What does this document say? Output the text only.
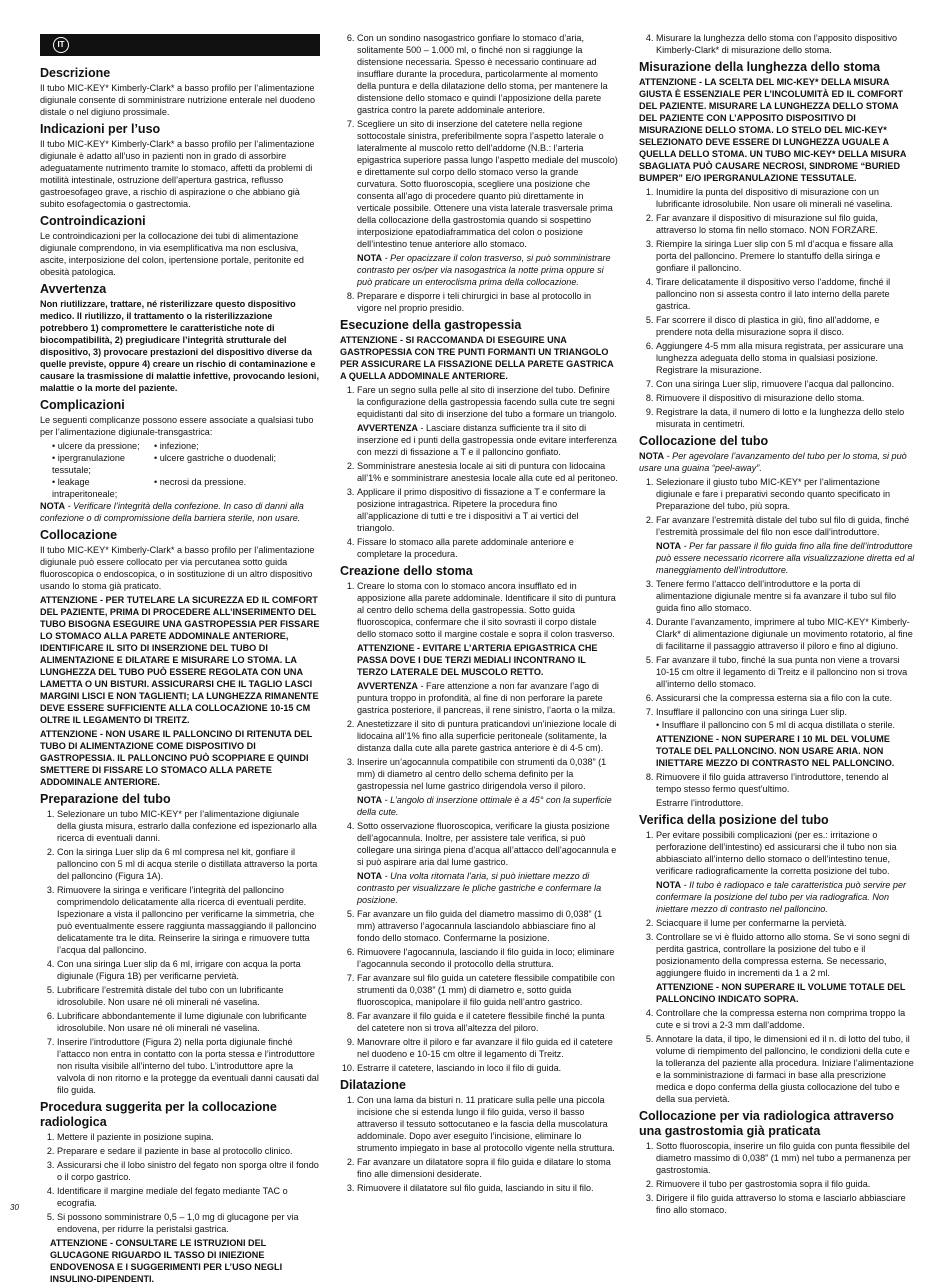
IT
Descrizione

Il tubo MIC-KEY* Kimberly-Clark* a basso profilo per l’alimentazione digiunale consente di somministrare nutrizione enterale nel duodeno distale o nel digiuno prossimale.

Indicazioni per l’uso

Il tubo MIC-KEY* Kimberly-Clark* a basso profilo per l’alimentazione digiunale è adatto all’uso in pazienti non in grado di assorbire adeguatamente nutrimento tramite lo stomaco, affetti da problemi di motilità intestinale, ostruzione dell’apertura gastrica, reflusso gastroesofageo grave, a rischio di aspirazione o che abbiano già subito esofagectomia o gastrectomia.

Controindicazioni

Le controindicazioni per la collocazione dei tubi di alimentazione digiunale comprendono, in via esemplificativa ma non esclusiva, ascite, interposizione del colon, ipertensione portale, peritonite ed obesità patologica.

Avvertenza

Non riutilizzare, trattare, né risterilizzare questo dispositivo medico. Il riutilizzo, il trattamento o la risterilizzazione potrebbero 1) compromettere le caratteristiche note di biocompatibilità, 2) pregiudicare l’integrità strutturale del dispositivo, 3) provocare prestazioni del dispositivo diverse da quelle previste, oppure 4) creare un rischio di contaminazione e causare la trasmissione di malattie infettive, provocando lesioni, malattie o la morte del paziente.

Complicazioni

Le seguenti complicanze possono essere associate a qualsiasi tubo per l’alimentazione digiunale-transgastrica:

• ulcere da pressione;
•	infezione;
• ipergranulazione tessutale;
• ulcere gastriche o duodenali;
• leakage intraperitoneale;
• necrosi da pressione.

NOTA - Verificare l’integrità della confezione. In caso di danni alla confezione o di compromissione della barriera sterile, non usare.

Collocazione

Il tubo MIC-KEY* Kimberly-Clark* a basso profilo per l’alimentazione digiunale può essere collocato per via percutanea sotto guida fluoroscopica o endoscopica, o in sostituzione di un altro dispositivo usando lo stoma già praticato.

ATTENZIONE - PER TUTELARE LA SICUREZZA ED IL COMFORT DEL PAZIENTE, PRIMA DI PROCEDERE ALL’INSERIMENTO DEL TUBO BISOGNA ESEGUIRE UNA GASTROPESSIA PER FISSARE LO STOMACO ALLA PARETE ADDOMINALE ANTERIORE, IDENTIFICARE IL SITO DI INSERZIONE DEL TUBO DI ALIMENTAZIONE E DILATARE E MISURARE LO STOMA. LA LUNGHEZZA DEL TUBO PUÒ ESSERE REGOLATA CON UNA LAMETTA O UN BISTURI. ASSICURARSI CHE IL TAGLIO LASCI MARGINI LISCI E NON TAGLIENTI; LA LUNGHEZZA RIMANENTE DEVE ESSERE SUFFICIENTE ALLA COLLOCAZIONE 10-15 CM OLTRE IL LEGAMENTO DI TREITZ.

ATTENZIONE - NON USARE IL PALLONCINO DI RITENUTA DEL TUBO DI ALIMENTAZIONE COME DISPOSITIVO DI GASTROPESSIA. IL PALLONCINO PUÒ SCOPPIARE E QUINDI SMETTERE DI FISSARE LO STOMACO ALLA PARETE ADDOMINALE ANTERIORE.

Preparazione del tubo
1. Selezionare un tubo MIC-KEY* per l’alimentazione digiunale della giusta misura, estrarlo dalla confezione ed ispezionarlo alla ricerca di eventuali danni.
2. Con la siringa Luer slip da 6 ml compresa nel kit, gonfiare il palloncino con 5 ml di acqua sterile o distillata attraverso la porta del palloncino (Figura 1A).
3. Rimuovere la siringa e verificare l’integrità del palloncino comprimendolo delicatamente alla ricerca di eventuali perdite. Ispezionare a vista il palloncino per verificarne la simmetria, che può eventualmente essere raggiunta massaggiando il palloncino delicatamente tra le dita. Reinserire la siringa e rimuovere tutta l’acqua dal palloncino.
4. Con una siringa Luer slip da 6 ml, irrigare con acqua la porta digiunale (Figura 1B) per verificarne pervietà.
5. Lubrificare l’estremità distale del tubo con un lubrificante idrosolubile. Non usare né oli minerali né vaselina.
6. Lubrificare abbondantemente il lume digiunale con lubrificante idrosolubile. Non usare né oli minerali né vaselina.
7. Inserire l’introduttore (Figura 2) nella porta digiunale finché l’attacco non entra in contatto con la porta stessa e l’introduttore non risulta visibile all’interno del tubo. L’introduttore apre la valvola di non ritorno e la protegge da eventuali danni causati dal filo guida.
Procedura suggerita per la collocazione radiologica
1. Mettere il paziente in posizione supina.
2. Preparare e sedare il paziente in base al protocollo clinico.
3. Assicurarsi che il lobo sinistro del fegato non sporga oltre il fondo o il corpo gastrico.
4. Identificare il margine mediale del fegato mediante TAC o ecografia.
5. Si possono somministrare 0,5 – 1,0 mg di glucagone per via endovena, per ridurre la peristalsi gastrica.

ATTENZIONE - CONSULTARE LE ISTRUZIONI DEL GLUCAGONE RIGUARDO IL TASSO DI INIEZIONE ENDOVENOSA E I SUGGERIMENTI PER L’USO NEGLI INSULINO-DIPENDENTI.

6. Con un sondino nasogastrico gonfiare lo stomaco d’aria, solitamente 500 – 1.000 ml, o finché non si raggiunge la distensione necessaria. Spesso è necessario continuare ad insufflare durante la procedura, particolarmente al momento della puntura e della dilatazione dello stoma, per mantenere la distensione dello stomaco e quindi l’apposizione della parete gastrica contro la parete addominale anteriore.
7. Scegliere un sito di inserzione del catetere nella regione sottocostale sinistra, preferibilmente sopra l’aspetto laterale o lateralmente al muscolo retto dell’addome (N.B.: l’arteria epigastrica superiore passa lungo l’aspetto mediale del muscolo) e direttamente sul corpo dello stomaco verso la grande curvatura. Sotto fluoroscopia, scegliere una posizione che consenta all’ago di procedere quanto più direttamente in verticale possibile. Ottenere una vista laterale trasversale prima della collocazione della gastrostomia quando si sospettino interposizione epatodiaframmatica del colon o posizione dell’intestino tenue anteriore allo stomaco.
NOTA - Per opacizzare il colon trasverso, si può somministrare contrasto per os/per via nasogastrica la notte prima oppure si può praticare un enteroclisma prima della collocazione.
8. Preparare e disporre i teli chirurgici in base al protocollo in vigore nel proprio presidio.
Esecuzione della gastropessia

ATTENZIONE - SI RACCOMANDA DI ESEGUIRE UNA GASTROPESSIA CON TRE PUNTI FORMANTI UN TRIANGOLO PER ASSICURARE LA FISSAZIONE DELLA PARETE GASTRICA A QUELLA ADDOMINALE ANTERIORE.

1. Fare un segno sulla pelle al sito di inserzione del tubo. Definire la configurazione della gastropessia facendo sulla cute tre segni equidistanti dal sito di inserzione del tubo a formare un triangolo.
AVVERTENZA - Lasciare distanza sufficiente tra il sito di inserzione ed i punti della gastropessia onde evitare interferenza con mezzi di fissazione a T e il palloncino gonfiato.
2. Somministrare anestesia locale ai siti di puntura con lidocaina all’1% e somministrare anestesia locale alla cute ed al peritoneo.
3. Applicare il primo dispositivo di fissazione a T e confermare la posizione intragastrica. Ripetere la procedura fino all’applicazione di tutti e tre i dispositivi a T ai vertici del triangolo.
4. Fissare lo stomaco alla parete addominale anteriore e completare la procedura.
Creazione dello stoma
1. Creare lo stoma con lo stomaco ancora insufflato ed in apposizione alla parete addominale. Identificare il sito di puntura al centro dello schema della gastropessia. Sotto guida fluoroscopica, confermare che il sito sovrasti il corpo distale dello stomaco sotto il margine costale e sopra il colon trasverso.
ATTENZIONE - EVITARE L’ARTERIA EPIGASTRICA CHE PASSA DOVE I DUE TERZI MEDIALI INCONTRANO IL TERZO LATERALE DEL MUSCOLO RETTO.
AVVERTENZA - Fare attenzione a non far avanzare l’ago di puntura troppo in profondità, al fine di non perforare la parete gastrica posteriore, il pancreas, il rene sinistro, l’aorta o la milza.
2. Anestetizzare il sito di puntura praticandovi un’iniezione locale di lidocaina all’1% fino alla superficie peritoneale (solitamente, la distanza dalla cute alla parete gastrica anteriore è di 4-5 cm).
3. Inserire un’agocannula compatibile con strumenti da 0,038” (1 mm) di diametro al centro dello schema definito per la gastropessia nel lume gastrico dirigendola verso il piloro.
NOTA - L’angolo di inserzione ottimale è a 45° con la superficie della cute.
4. Sotto osservazione fluoroscopica, verificare la giusta posizione dell’agocannula. Inoltre, per assistere tale verifica, si può collegare una siringa piena d’acqua all’attacco dell’agocannula e si può aspirare aria dal lume gastrico.
NOTA - Una volta ritornata l’aria, si può iniettare mezzo di contrasto per visualizzare le pliche gastriche e confermare la posizione.
5. Far avanzare un filo guida del diametro massimo di 0,038” (1 mm) attraverso l’agocannula lasciandolo abbiasciare fino al fondo dello stomaco. Confermarne la posizione.
6. Rimuovere l’agocannula, lasciando il filo guida in loco; eliminare l’agocannula secondo il protocollo della struttura.
7. Far avanzare sul filo guida un catetere flessibile compatibile con strumenti da 0,038” (1 mm) di diametro e, sotto guida fluoroscopica, manipolare il filo guida nell’antro gastrico.
8. Far avanzare il filo guida e il catetere flessibile finché la punta del catetere non si trova all’altezza del piloro.
9. Manovrare oltre il piloro e far avanzare il filo guida ed il catetere nel duodeno e 10-15 cm oltre il legamento di Treitz.
10. Estrarre il catetere, lasciando in loco il filo di guida.
Dilatazione
1. Con una lama da bisturi n. 11 praticare sulla pelle una piccola incisione che si estenda lungo il filo guida, verso il basso attraverso il tessuto sottocutaneo e la fascia della muscolatura addominale. Dopo aver eseguito l’incisione, eliminare lo strumento impiegato in base al protocollo vigente nella struttura.
2. Far avanzare un dilatatore sopra il filo guida e dilatare lo stoma fino alle dimensioni desiderate.
3. Rimuovere il dilatatore sul filo guida, lasciando in situ il filo.
4. Misurare la lunghezza dello stoma con l’apposito dispositivo Kimberly-Clark* di misurazione dello stoma.
Misurazione della lunghezza dello stoma

ATTENZIONE - LA SCELTA DEL MIC-KEY* DELLA MISURA GIUSTA È ESSENZIALE PER L’INCOLUMITÀ ED IL COMFORT DEL PAZIENTE. MISURARE LA LUNGHEZZA DELLO STOMA DEL PAZIENTE CON L’APPOSITO DISPOSITIVO DI MISURAZIONE DELLO STOMA. LO STELO DEL MIC-KEY* SELEZIONATO DEVE ESSERE DI LUNGHEZZA UGUALE A QUELLA DELLO STOMA. UN TUBO MIC-KEY* DELLA MISURA SBAGLIATA PUÒ CAUSARE NECROSI, SINDROME “BURIED BUMPER” E/O IPERGRANULAZIONE TESSUTALE.

1. Inumidire la punta del dispositivo di misurazione con un lubrificante idrosolubile. Non usare oli minerali né vaselina.
2. Far avanzare il dispositivo di misurazione sul filo guida, attraverso lo stoma fin nello stomaco. NON FORZARE.
3. Riempire la siringa Luer slip con 5 ml d’acqua e fissare alla porta del palloncino. Premere lo stantuffo della siringa e gonfiare il palloncino.
4. Tirare delicatamente il dispositivo verso l’addome, finché il palloncino non si assesta contro il lato interno della parete gastrica.
5. Far scorrere il disco di plastica in giù, fino all’addome, e prendere nota della misurazione sopra il disco.
6. Aggiungere 4-5 mm alla misura registrata, per assicurare una lunghezza adeguata dello stoma in qualsiasi posizione. Registrare la misurazione.
7. Con una siringa Luer slip, rimuovere l’acqua dal palloncino.
8. Rimuovere il dispositivo di misurazione dello stoma.
9. Registrare la data, il numero di lotto e la lunghezza dello stelo misurata in centimetri.
Collocazione del tubo

NOTA - Per agevolare l’avanzamento del tubo per lo stoma, si può usare una guaina “peel-away”.

1. Selezionare il giusto tubo MIC-KEY* per l’alimentazione digiunale e fare i preparativi secondo quanto specificato in Preparazione del tubo, più sopra.
2. Far avanzare l’estremità distale del tubo sul filo di guida, finché l’estremità prossimale del filo non esce dall’introduttore.
NOTA - Per far passare il filo guida fino alla fine dell’introduttore può essere necessario ricorrere alla visualizzazione diretta ed al maneggiamento dell’introduttore.
3. Tenere fermo l’attacco dell’introduttore e la porta di alimentazione digiunale mentre si fa avanzare il tubo sul filo guida fino allo stomaco.
4. Durante l’avanzamento, imprimere al tubo MIC-KEY* Kimberly-Clark* di alimentazione digiunale un movimento rotatorio, al fine di facilitarne il passaggio attraverso il piloro e fino al digiuno.
5. Far avanzare il tubo, finché la sua punta non viene a trovarsi 10-15 cm oltre il legamento di Treitz e il palloncino non si trova all’interno dello stomaco.
6. Assicurarsi che la compressa esterna sia a filo con la cute.
7. Insufflare il palloncino con una siringa Luer slip.
• Insufflare il palloncino con 5 ml di acqua distillata o sterile.
ATTENZIONE - NON SUPERARE I 10 ML DEL VOLUME TOTALE DEL PALLONCINO. NON USARE ARIA. NON INIETTARE MEZZO DI CONTRASTO NEL PALLONCINO.
8. Rimuovere il filo guida attraverso l’introduttore, tenendo al tempo stesso fermo quest’ultimo.
Estrarre l’introduttore.
Verifica della posizione del tubo
1. Per evitare possibili complicazioni (per es.: irritazione o perforazione dell’intestino) ed assicurarsi che il tubo non sia abbiasciato all’interno dello stomaco o dell’intestino tenue, verificare radiograficamente la corretta posizione del tubo.
NOTA - Il tubo è radiopaco e tale caratteristica può servire per confermare la posizione del tubo per via radiografica. Non iniettare mezzo di contrasto nel palloncino.
2. Sciacquare il lume per confermarne la pervietà.
3. Controllare se vi è fluido attorno allo stoma. Se vi sono segni di perdita gastrica, controllare la posizione del tubo e il posizionamento della compressa esterna. Se necessario, aggiungere fluido in incrementi da 1 a 2 ml.
ATTENZIONE - NON SUPERARE IL VOLUME TOTALE DEL PALLONCINO INDICATO SOPRA.
4. Controllare che la compressa esterna non comprima troppo la cute e si trovi a 2-3 mm dall’addome.
5. Annotare la data, il tipo, le dimensioni ed il n. di lotto del tubo, il volume di riempimento del palloncino, le condizioni della cute e la tolleranza del paziente alla procedura. Iniziare l’alimentazione e la somministrazione di farmaci in base alla prescrizione medica e dopo conferma della giusta collocazione del tubo e della sua pervietà.
Collocazione per via radiologica attraverso una gastrostomia già praticata
1. Sotto fluoroscopia, inserire un filo guida con punta flessibile del diametro massimo di 0,038” (1 mm) nel tubo a permanenza per gastrostomia.
2. Rimuovere il tubo per gastrostomia sopra il filo guida.
3. Dirigere il filo guida attraverso lo stoma e lasciarlo abbiasciare fino allo stomaco.
30
